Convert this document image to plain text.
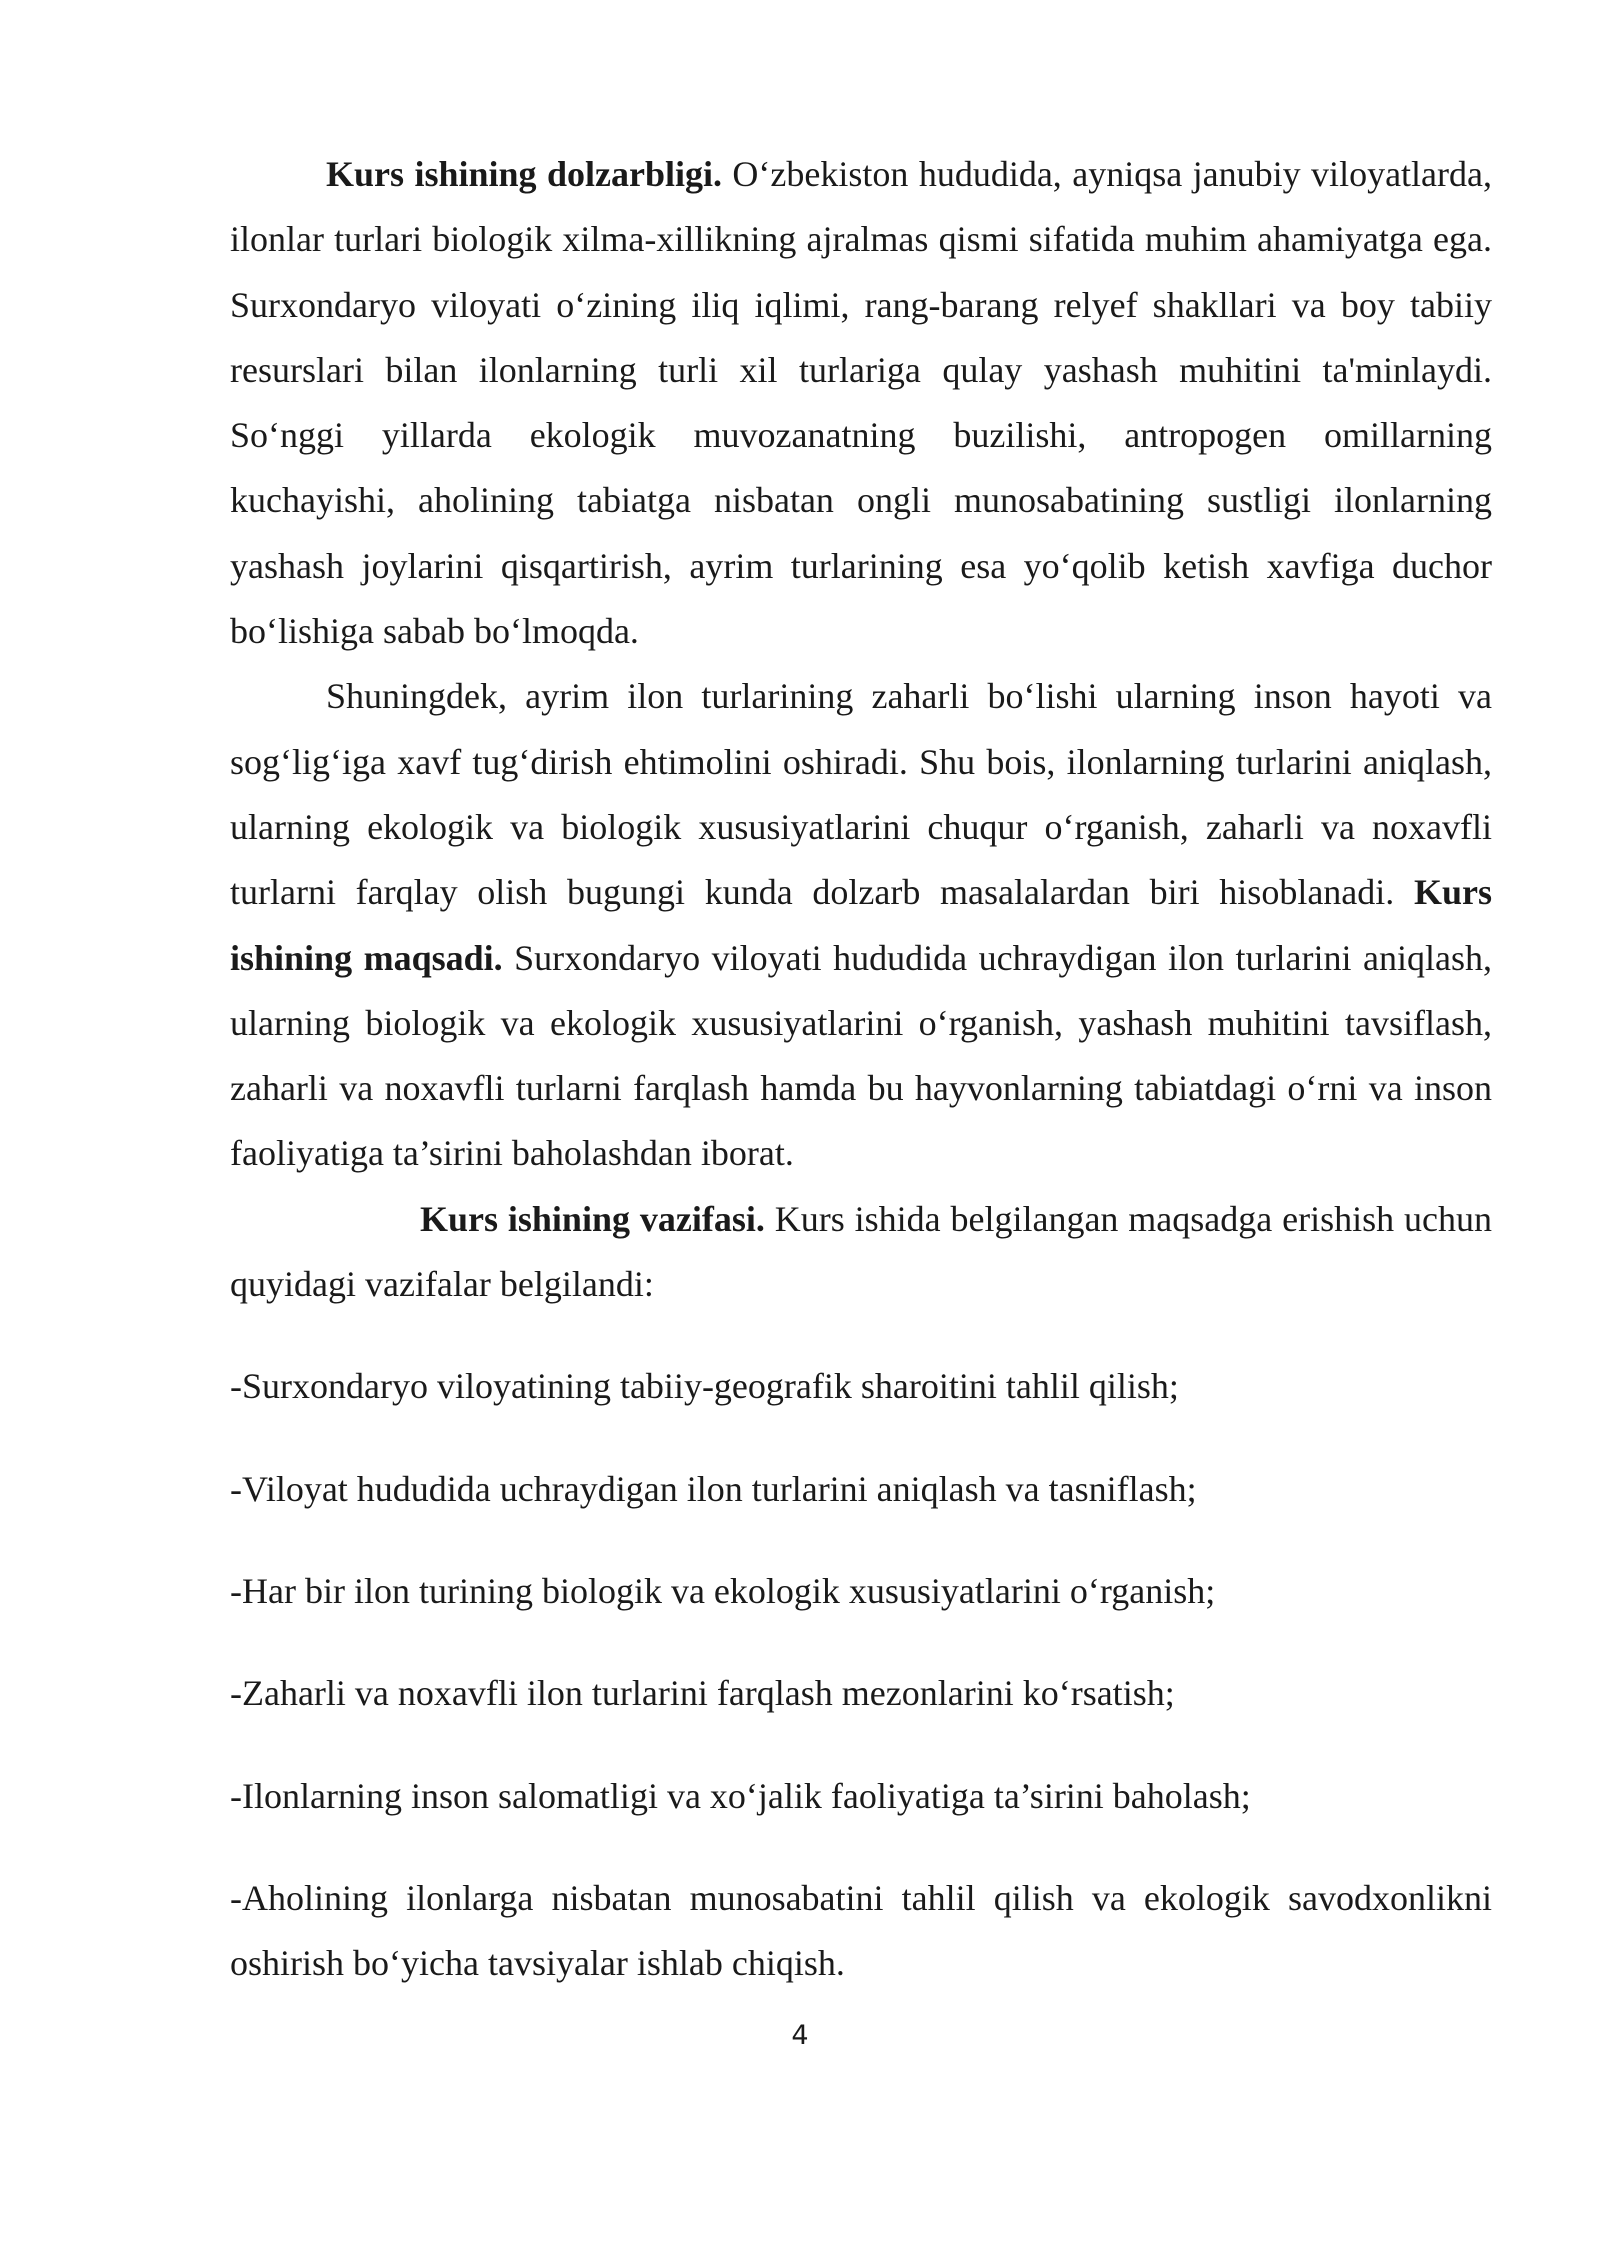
Kurs ishining dolzarbligi. O‘zbekiston hududida, ayniqsa janubiy viloyatlarda, ilonlar turlari biologik xilma-xillikning ajralmas qismi sifatida muhim ahamiyatga ega. Surxondaryo viloyati o‘zining iliq iqlimi, rang-barang relyef shakllari va boy tabiiy resurslari bilan ilonlarning turli xil turlariga qulay yashash muhitini ta'minlaydi. So‘nggi yillarda ekologik muvozanatning buzilishi, antropogen omillarning kuchayishi, aholining tabiatga nisbatan ongli munosabatining sustligi ilonlarning yashash joylarini qisqartirish, ayrim turlarining esa yo‘qolib ketish xavfiga duchor bo‘lishiga sabab bo‘lmoqda.

Shuningdek, ayrim ilon turlarining zaharli bo‘lishi ularning inson hayoti va sog‘lig‘iga xavf tug‘dirish ehtimolini oshiradi. Shu bois, ilonlarning turlarini aniqlash, ularning ekologik va biologik xususiyatlarini chuqur o‘rganish, zaharli va noxavfli turlarni farqlay olish bugungi kunda dolzarb masalalardan biri hisoblanadi. Kurs ishining maqsadi. Surxondaryo viloyati hududida uchraydigan ilon turlarini aniqlash, ularning biologik va ekologik xususiyatlarini o‘rganish, yashash muhitini tavsiflash, zaharli va noxavfli turlarni farqlash hamda bu hayvonlarning tabiatdagi o‘rni va inson faoliyatiga ta’sirini baholashdan iborat.

Kurs ishining vazifasi. Kurs ishida belgilangan maqsadga erishish uchun quyidagi vazifalar belgilandi:

-Surxondaryo viloyatining tabiiy-geografik sharoitini tahlil qilish;

-Viloyat hududida uchraydigan ilon turlarini aniqlash va tasniflash;

-Har bir ilon turining biologik va ekologik xususiyatlarini o‘rganish;

-Zaharli va noxavfli ilon turlarini farqlash mezonlarini ko‘rsatish;

-Ilonlarning inson salomatligi va xo‘jalik faoliyatiga ta’sirini baholash;

-Aholining ilonlarga nisbatan munosabatini tahlil qilish va ekologik savodxonlikni oshirish bo‘yicha tavsiyalar ishlab chiqish.

4
